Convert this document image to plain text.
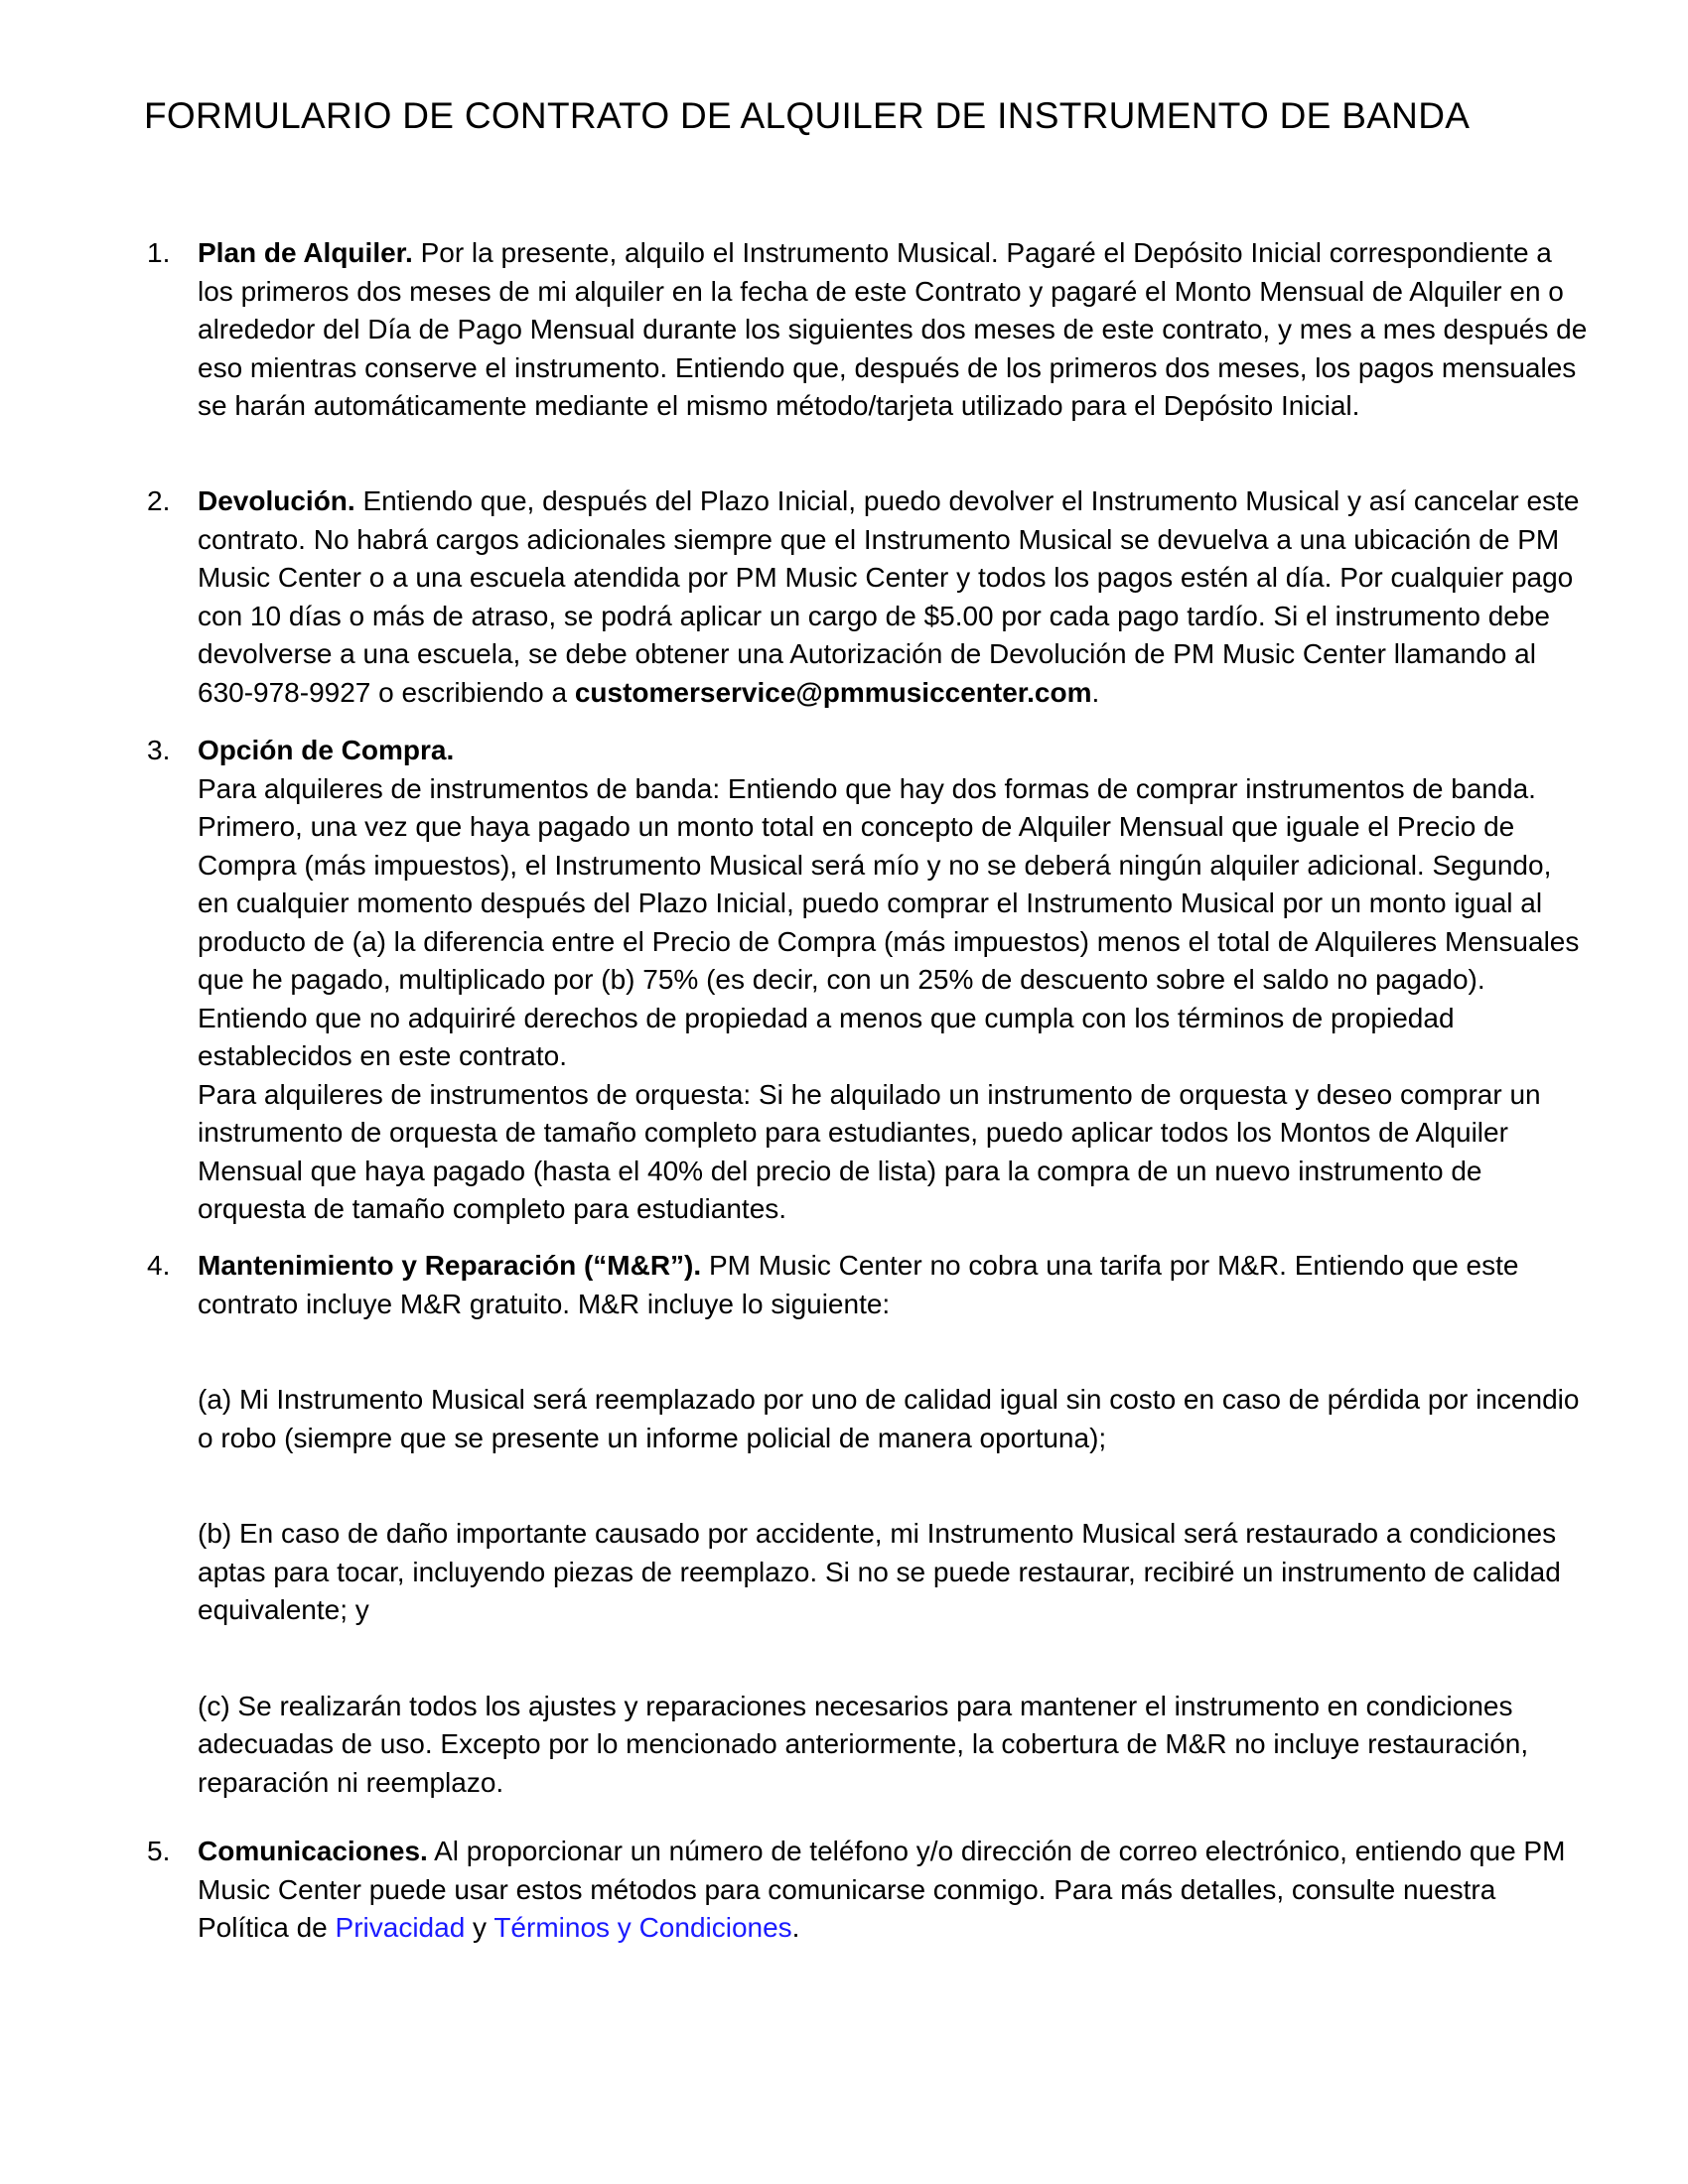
FORMULARIO DE CONTRATO DE ALQUILER DE INSTRUMENTO DE BANDA
1. Plan de Alquiler. Por la presente, alquilo el Instrumento Musical. Pagaré el Depósito Inicial correspondiente a los primeros dos meses de mi alquiler en la fecha de este Contrato y pagaré el Monto Mensual de Alquiler en o alrededor del Día de Pago Mensual durante los siguientes dos meses de este contrato, y mes a mes después de eso mientras conserve el instrumento. Entiendo que, después de los primeros dos meses, los pagos mensuales se harán automáticamente mediante el mismo método/tarjeta utilizado para el Depósito Inicial.

2. Devolución. Entiendo que, después del Plazo Inicial, puedo devolver el Instrumento Musical y así cancelar este contrato. No habrá cargos adicionales siempre que el Instrumento Musical se devuelva a una ubicación de PM Music Center o a una escuela atendida por PM Music Center y todos los pagos estén al día. Por cualquier pago con 10 días o más de atraso, se podrá aplicar un cargo de $5.00 por cada pago tardío. Si el instrumento debe devolverse a una escuela, se debe obtener una Autorización de Devolución de PM Music Center llamando al 630-978-9927 o escribiendo a customerservice@pmmusiccenter.com.

3. Opción de Compra.

Para alquileres de instrumentos de banda: Entiendo que hay dos formas de comprar instrumentos de banda. Primero, una vez que haya pagado un monto total en concepto de Alquiler Mensual que iguale el Precio de Compra (más impuestos), el Instrumento Musical será mío y no se deberá ningún alquiler adicional. Segundo, en cualquier momento después del Plazo Inicial, puedo comprar el Instrumento Musical por un monto igual al producto de (a) la diferencia entre el Precio de Compra (más impuestos) menos el total de Alquileres Mensuales que he pagado, multiplicado por (b) 75% (es decir, con un 25% de descuento sobre el saldo no pagado). Entiendo que no adquiriré derechos de propiedad a menos que cumpla con los términos de propiedad establecidos en este contrato.

Para alquileres de instrumentos de orquesta: Si he alquilado un instrumento de orquesta y deseo comprar un instrumento de orquesta de tamaño completo para estudiantes, puedo aplicar todos los Montos de Alquiler Mensual que haya pagado (hasta el 40% del precio de lista) para la compra de un nuevo instrumento de orquesta de tamaño completo para estudiantes.

4. Mantenimiento y Reparación (“M&R”). PM Music Center no cobra una tarifa por M&R. Entiendo que este contrato incluye M&R gratuito. M&R incluye lo siguiente:

(a) Mi Instrumento Musical será reemplazado por uno de calidad igual sin costo en caso de pérdida por incendio o robo (siempre que se presente un informe policial de manera oportuna);

(b) En caso de daño importante causado por accidente, mi Instrumento Musical será restaurado a condiciones aptas para tocar, incluyendo piezas de reemplazo. Si no se puede restaurar, recibiré un instrumento de calidad equivalente; y

(c) Se realizarán todos los ajustes y reparaciones necesarios para mantener el instrumento en condiciones adecuadas de uso. Excepto por lo mencionado anteriormente, la cobertura de M&R no incluye restauración, reparación ni reemplazo.

5. Comunicaciones. Al proporcionar un número de teléfono y/o dirección de correo electrónico, entiendo que PM Music Center puede usar estos métodos para comunicarse conmigo. Para más detalles, consulte nuestra Política de Privacidad y Términos y Condiciones.
